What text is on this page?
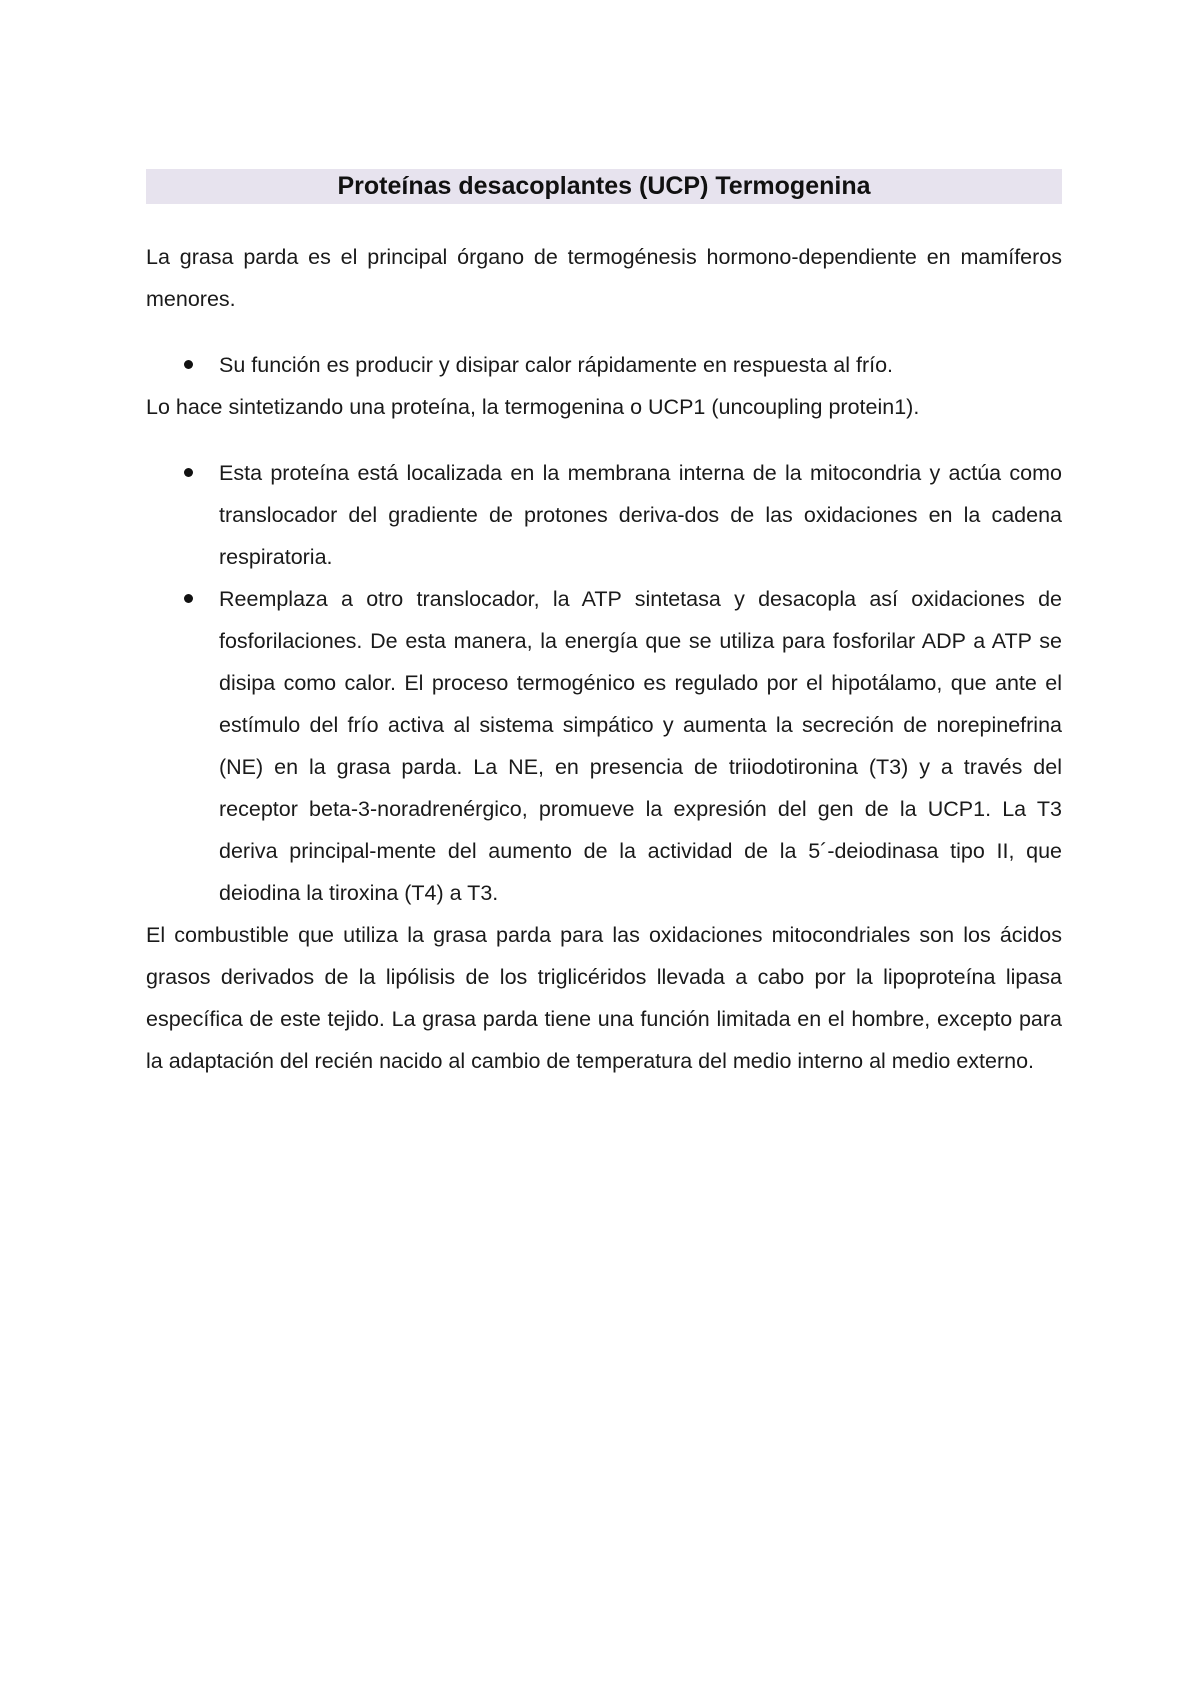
Proteínas desacoplantes (UCP) Termogenina

La grasa parda es el principal órgano de termogénesis hormono-dependiente en mamíferos menores.

Su función es producir y disipar calor rápidamente en respuesta al frío.

Lo hace sintetizando una proteína, la termogenina o UCP1 (uncoupling protein1).

Esta proteína está localizada en la membrana interna de la mitocondria y actúa como translocador del gradiente de protones deriva-dos de las oxidaciones en la cadena respiratoria.
Reemplaza a otro translocador, la ATP sintetasa y desacopla así oxidaciones de fosforilaciones. De esta manera, la energía que se utiliza para fosforilar ADP a ATP se disipa como calor. El proceso termogénico es regulado por el hipotálamo, que ante el estímulo del frío activa al sistema simpático y aumenta la secreción de norepinefrina (NE) en la grasa parda. La NE, en presencia de triiodotironina (T3) y a través del receptor beta-3-noradrenérgico, promueve la expresión del gen de la UCP1. La T3 deriva principal-mente del aumento de la actividad de la 5´-deiodinasa tipo II, que deiodina la tiroxina (T4) a T3.

El combustible que utiliza la grasa parda para las oxidaciones mitocondriales son los ácidos grasos derivados de la lipólisis de los triglicéridos llevada a cabo por la lipoproteína lipasa específica de este tejido. La grasa parda tiene una función limitada en el hombre, excepto para la adaptación del recién nacido al cambio de temperatura del medio interno al medio externo.
